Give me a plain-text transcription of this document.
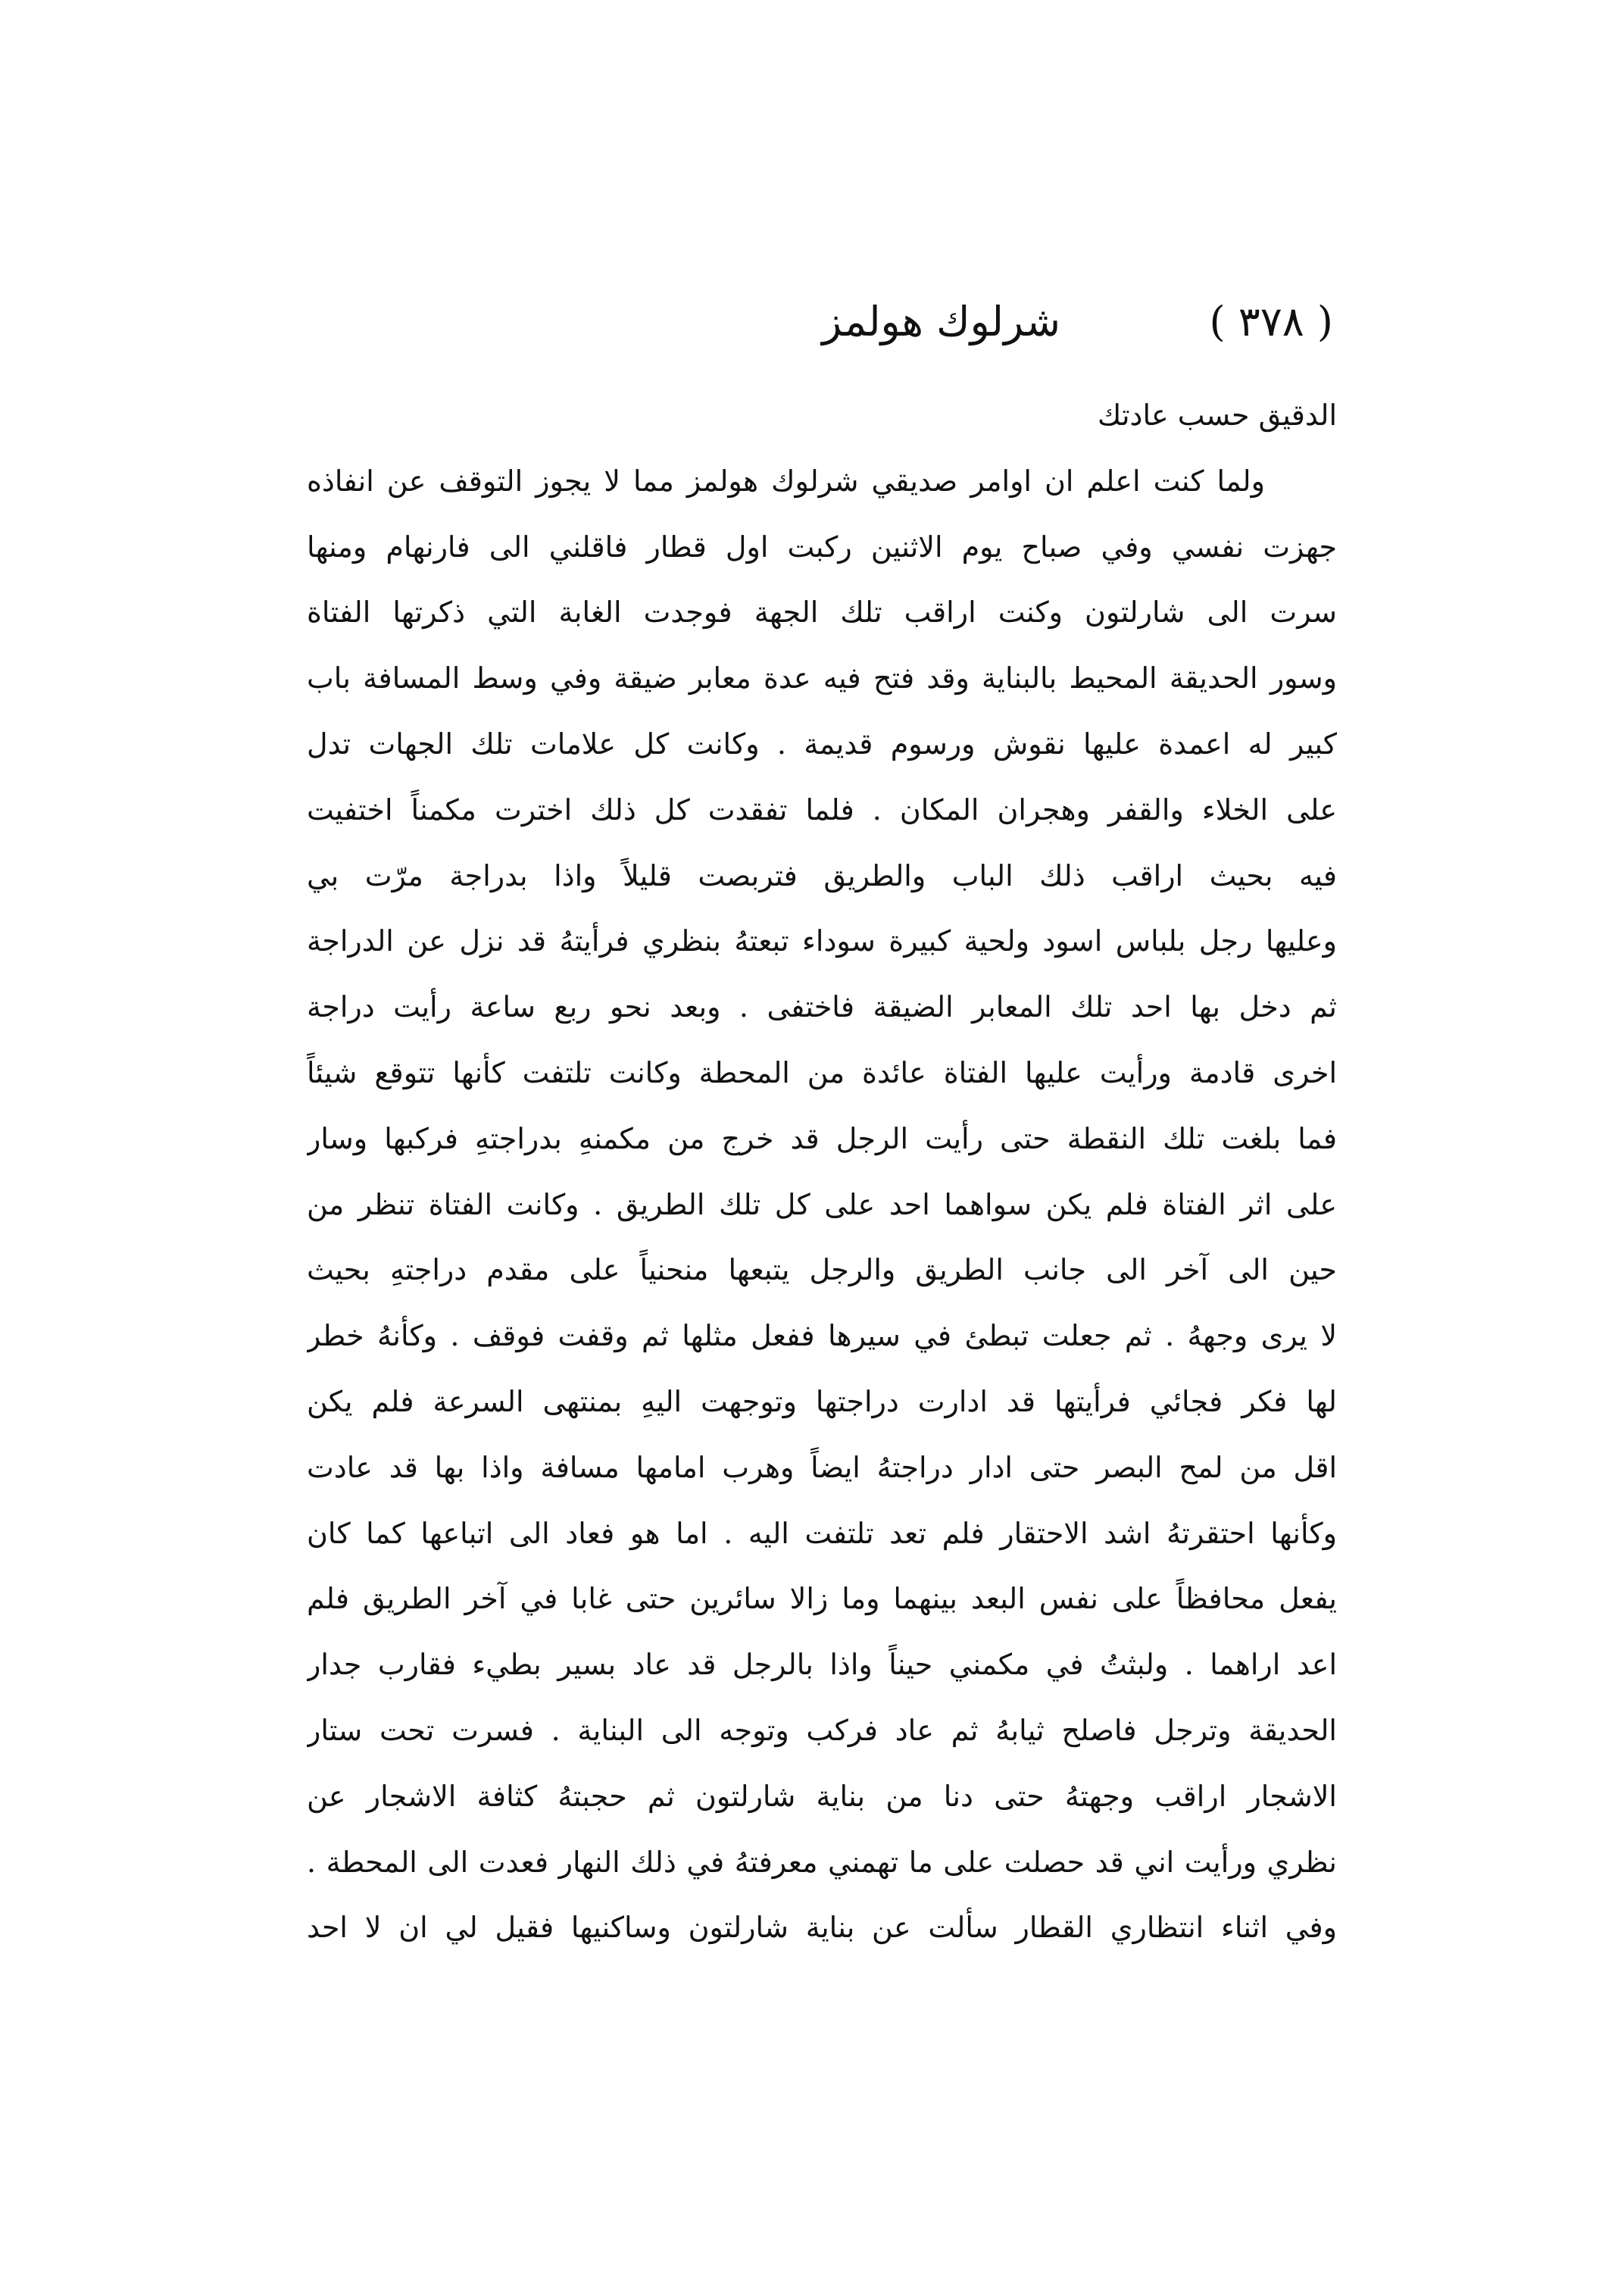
( ٣٧٨ )
شرلوك هولمز
الدقيق حسب عادتك
ولما كنت اعلم ان اوامر صديقي شرلوك هولمز مما لا يجوز التوقف عن انفاذه
جهزت نفسي وفي صباح يوم الاثنين ركبت اول قطار فاقلني الى فارنهام ومنها
سرت الى شارلتون وكنت اراقب تلك الجهة فوجدت الغابة التي ذكرتها الفتاة
وسور الحديقة المحيط بالبناية وقد فتح فيه عدة معابر ضيقة وفي وسط المسافة باب
كبير له اعمدة عليها نقوش ورسوم قديمة . وكانت كل علامات تلك الجهات تدل
على الخلاء والقفر وهجران المكان . فلما تفقدت كل ذلك اخترت مكمناً اختفيت
فيه بحيث اراقب ذلك الباب والطريق فتربصت قليلاً واذا بدراجة مرّت بي
وعليها رجل بلباس اسود ولحية كبيرة سوداء تبعتهُ بنظري فرأيتهُ قد نزل عن الدراجة
ثم دخل بها احد تلك المعابر الضيقة فاختفى . وبعد نحو ربع ساعة رأيت دراجة
اخرى قادمة ورأيت عليها الفتاة عائدة من المحطة وكانت تلتفت كأنها تتوقع شيئاً
فما بلغت تلك النقطة حتى رأيت الرجل قد خرج من مكمنهِ بدراجتهِ فركبها وسار
على اثر الفتاة فلم يكن سواهما احد على كل تلك الطريق . وكانت الفتاة تنظر من
حين الى آخر الى جانب الطريق والرجل يتبعها منحنياً على مقدم دراجتهِ بحيث
لا يرى وجههُ . ثم جعلت تبطئ في سيرها ففعل مثلها ثم وقفت فوقف . وكأنهُ خطر
لها فكر فجائي فرأيتها قد ادارت دراجتها وتوجهت اليهِ بمنتهى السرعة فلم يكن
اقل من لمح البصر حتى ادار دراجتهُ ايضاً وهرب امامها مسافة واذا بها قد عادت
وكأنها احتقرتهُ اشد الاحتقار فلم تعد تلتفت اليه . اما هو فعاد الى اتباعها كما كان
يفعل محافظاً على نفس البعد بينهما وما زالا سائرين حتى غابا في آخر الطريق فلم
اعد اراهما . ولبثتُ في مكمني حيناً واذا بالرجل قد عاد بسير بطيء فقارب جدار
الحديقة وترجل فاصلح ثيابهُ ثم عاد فركب وتوجه الى البناية . فسرت تحت ستار
الاشجار اراقب وجهتهُ حتى دنا من بناية شارلتون ثم حجبتهُ كثافة الاشجار عن
نظري ورأيت اني قد حصلت على ما تهمني معرفتهُ في ذلك النهار فعدت الى المحطة .
وفي اثناء انتظاري القطار سألت عن بناية شارلتون وساكنيها فقيل لي ان لا احد
